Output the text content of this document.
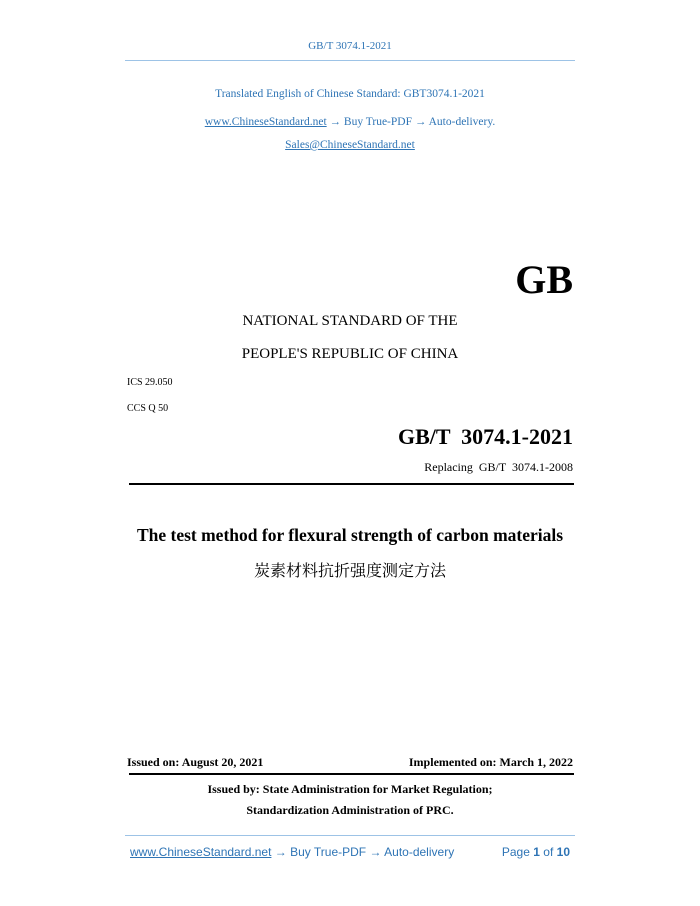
GB/T 3074.1-2021
Translated English of Chinese Standard: GBT3074.1-2021
www.ChineseStandard.net → Buy True-PDF → Auto-delivery.
Sales@ChineseStandard.net
GB
NATIONAL STANDARD OF THE
PEOPLE'S REPUBLIC OF CHINA
ICS 29.050
CCS Q 50
GB/T  3074.1-2021
Replacing  GB/T  3074.1-2008
The test method for flexural strength of carbon materials
炭素材料抗折强度测定方法
Issued on: August 20, 2021	Implemented on: March 1, 2022
Issued by: State Administration for Market Regulation;
Standardization Administration of PRC.
www.ChineseStandard.net → Buy True-PDF → Auto-delivery	Page 1 of 10
